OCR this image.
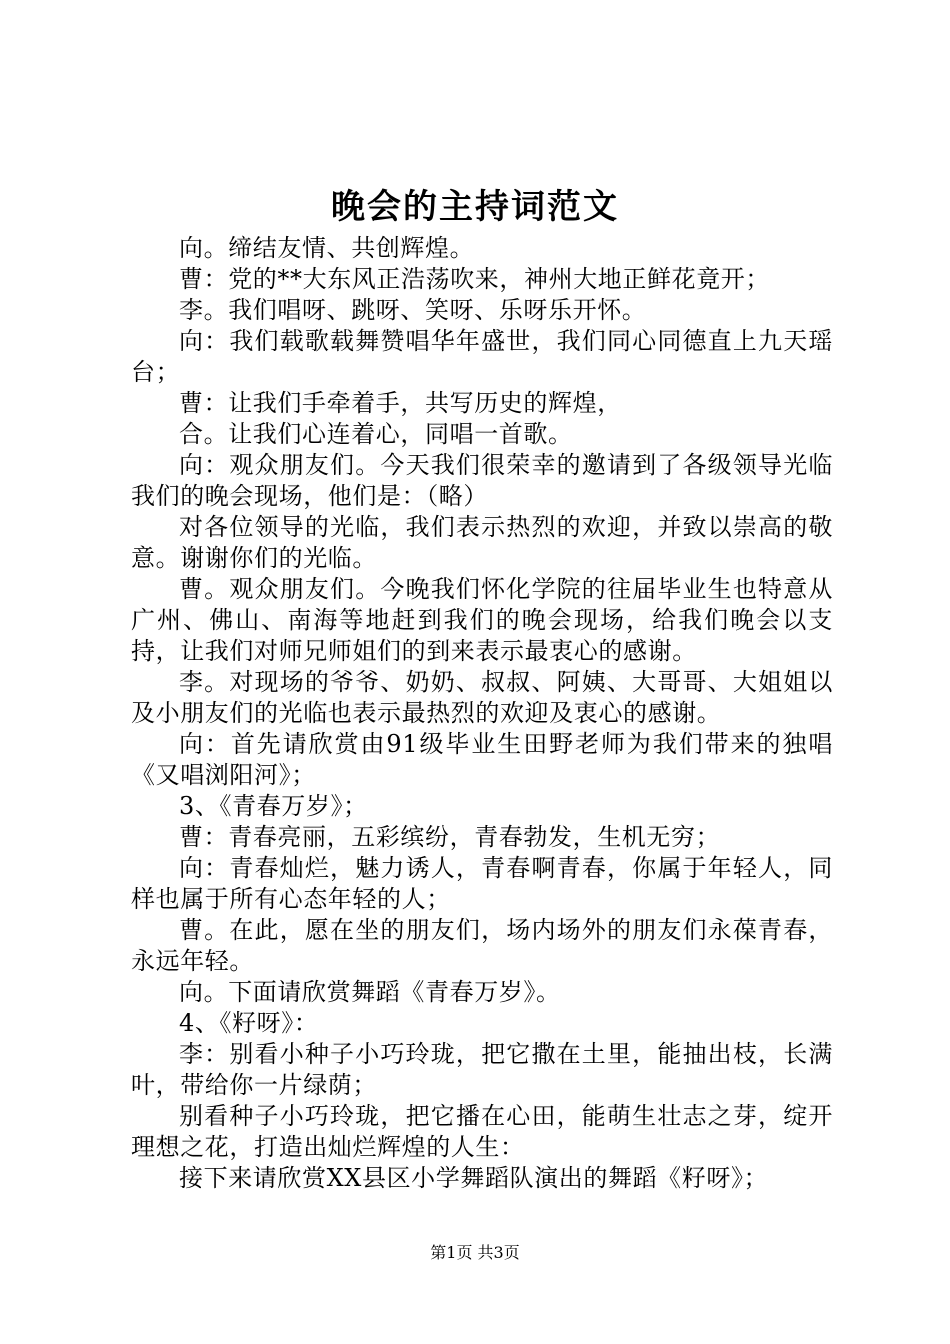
晚会的主持词范文

向。缔结友情、共创辉煌。

曹：党的**大东风正浩荡吹来，神州大地正鲜花竟开；

李。我们唱呀、跳呀、笑呀、乐呀乐开怀。

向：我们载歌载舞赞唱华年盛世，我们同心同德直上九天瑶台；

曹：让我们手牵着手，共写历史的辉煌，

合。让我们心连着心，同唱一首歌。

向：观众朋友们。今天我们很荣幸的邀请到了各级领导光临我们的晚会现场，他们是：（略）

对各位领导的光临，我们表示热烈的欢迎，并致以崇高的敬意。谢谢你们的光临。

曹。观众朋友们。今晚我们怀化学院的往届毕业生也特意从广州、佛山、南海等地赶到我们的晚会现场，给我们晚会以支持，让我们对师兄师姐们的到来表示最衷心的感谢。

李。对现场的爷爷、奶奶、叔叔、阿姨、大哥哥、大姐姐以及小朋友们的光临也表示最热烈的欢迎及衷心的感谢。

向：首先请欣赏由91级毕业生田野老师为我们带来的独唱《又唱浏阳河》；

3、《青春万岁》；

曹：青春亮丽，五彩缤纷，青春勃发，生机无穷；

向：青春灿烂，魅力诱人，青春啊青春，你属于年轻人，同样也属于所有心态年轻的人；

曹。在此，愿在坐的朋友们，场内场外的朋友们永葆青春，永远年轻。

向。下面请欣赏舞蹈《青春万岁》。

4、《籽呀》：

李：别看小种子小巧玲珑，把它撒在土里，能抽出枝，长满叶，带给你一片绿荫；

别看种子小巧玲珑，把它播在心田，能萌生壮志之芽，绽开理想之花，打造出灿烂辉煌的人生：

接下来请欣赏XX县区小学舞蹈队演出的舞蹈《籽呀》；

第1页 共3页
